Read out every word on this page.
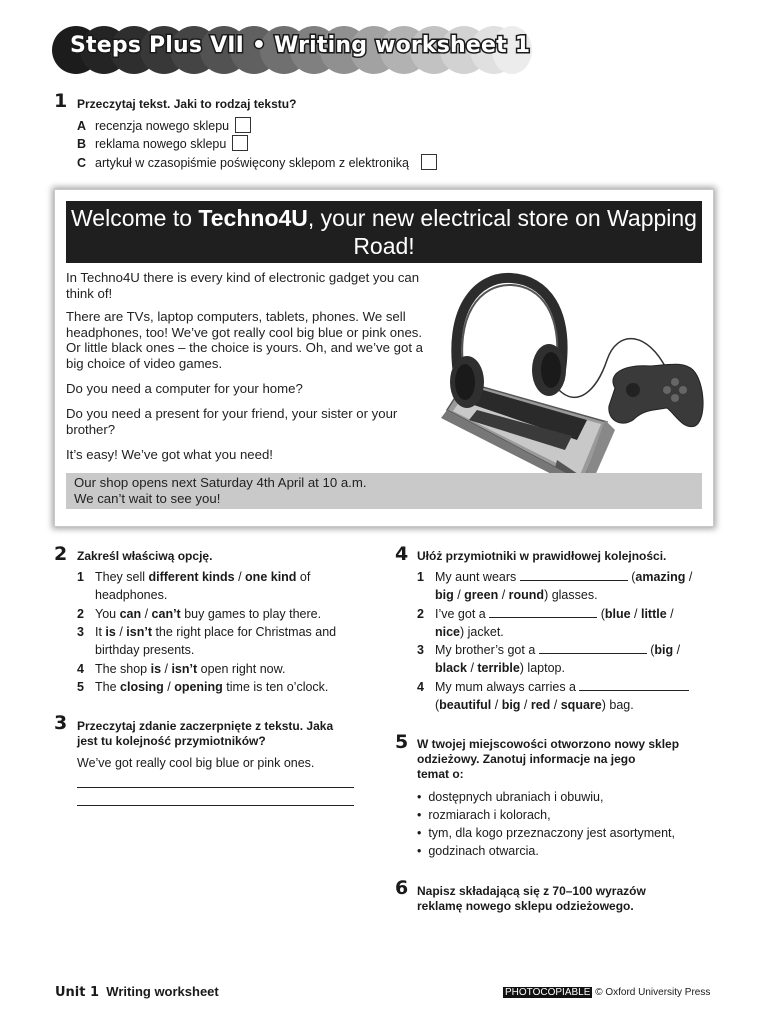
Steps Plus VII • Writing worksheet 1
1 Przeczytaj tekst. Jaki to rodzaj tekstu?
A recenzja nowego sklepu
B reklama nowego sklepu
C artykuł w czasopiśmie poświęcony sklepom z elektroniką
Welcome to Techno4U, your new electrical store on Wapping Road!
In Techno4U there is every kind of electronic gadget you can think of!
There are TVs, laptop computers, tablets, phones. We sell headphones, too! We’ve got really cool big blue or pink ones. Or little black ones – the choice is yours. Oh, and we’ve got a big choice of video games.
Do you need a computer for your home?
Do you need a present for your friend, your sister or your brother?
It’s easy! We’ve got what you need!
Our shop opens next Saturday 4th April at 10 a.m.
We can’t wait to see you!
2 Zakreśl właściwą opcję.
1 They sell different kinds / one kind of
headphones.
2 You can / can’t buy games to play there.
3 It is / isn’t the right place for Christmas and
birthday presents.
4 The shop is / isn’t open right now.
5 The closing / opening time is ten o’clock.
3 Przeczytaj zdanie zaczerpnięte z tekstu. Jaka
jest tu kolejność przymiotników?
We’ve got really cool big blue or pink ones.
4 Ułóż przymiotniki w prawidłowej kolejności.
1 My aunt wears	(amazing /
big / green / round) glasses.
2 I’ve got a	(blue / little /
nice) jacket.
3 My brother’s got a	(big /
black / terrible) laptop.
4 My mum always carries a
(beautiful / big / red / square) bag.
5 W twojej miejscowości otworzono nowy sklep
odzieżowy. Zanotuj informacje na jego
temat o:
•  dostępnych ubraniach i obuwiu,
•  rozmiarach i kolorach,
•  tym, dla kogo przeznaczony jest asortyment,
•  godzinach otwarcia.
6 Napisz składającą się z 70–100 wyrazów
reklamę nowego sklepu odzieżowego.
Unit 1 Writing worksheet	PHOTOCOPIABLE © Oxford University Press
